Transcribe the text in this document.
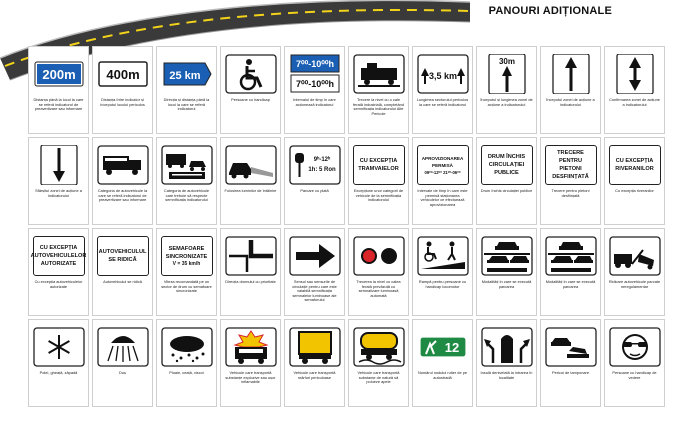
PANOURI ADIȚIONALE
200m
Distanța până la locul la care se referă indicatorul de preavertizare sau informare
400m
Distanța între indicator și începutul locului periculos
25 km
Direcția și distanța până la locul la care se referă indicatorul
Persoane cu handicap
7⁰⁰-10⁰⁰h
7⁰⁰-10⁰⁰h
Intervalul de timp în care acționează indicatorul
Trecere la nivel cu o cale ferată industrială, completând semnificația indicatorului Alte Pericole
3,5 km
Lungimea sectorului periculos la care se referă indicatorul
30m
Începutul și lungimea zonei de acțiune a indicatorului
Începutul zonei de acțiune a indicatorului
Confirmarea zonei de acțiune a indicatorului
Sfârșitul zonei de acțiune a indicatorului
Categoria de autovehicule la care se referă indicatorul de preavertizare sau informare
Categoria de autovehicule care trebuie să respecte semnificația indicatorului
Folosirea luminilor de întâlnire
9ʰ-12ʰ
1h: 5 Ron
Parcare cu plată
CU EXCEPȚIA TRAMVAIELOR
Excepțiune unor categorii de vehicule de la semnificația indicatorului
APROVIZIONAREA PERMISĂ
09⁰⁰-12⁰⁰ 21⁰⁰-06⁰⁰
Intervale de timp în care este permisă staționarea vehiculelor ce efectuează aprovizionarea
DRUM ÎNCHIS CIRCULAȚIEI PUBLICE
Drum închis circulației publice
TRECERE PENTRU PIETONI DESFIINȚATĂ
Trecere pentru pietoni desființată
CU EXCEPȚIA RIVERANILOR
Cu excepția riveranilor
CU EXCEPȚIA AUTOVEHICULELOR AUTORIZATE
Cu excepția autovehiculelor autorizate
AUTOVEHICULUL SE RIDICĂ
Autovehiculul se ridică
SEMAFOARE SINCRONIZATE
V = 35 km/h
Viteza recomandată pe un sector de drum cu semafoare sincronizate
Direcția drumului cu prioritate	Sensul sau sensurile de circulație pentru care este valabilă semnificația semnalelor luminoase ale semaforului
Trecerea la nivel cu calea ferată prevăzută cu semnalizare luminoasă automată
Rampă pentru persoane cu handicap locomotor
Modalități în care se execută parcarea
Modalități în care se execută parcarea
Ridicare autovehicule parcate neregulamentar
Polei, gheață, zăpadă	Duș	Ploaie, ceață, viscol	Vehicule care transportă substanțe explozive sau ușor inflamabile
Vehicule care transportă mărfuri periculoase
Vehicule care transportă substanțe de natură să polueze apele
12
Numărul nodului rutier de pe autostradă
Insulă denivelată la intrarea în localitate
Pericol de tamponare	Persoane cu handicap de vedere
